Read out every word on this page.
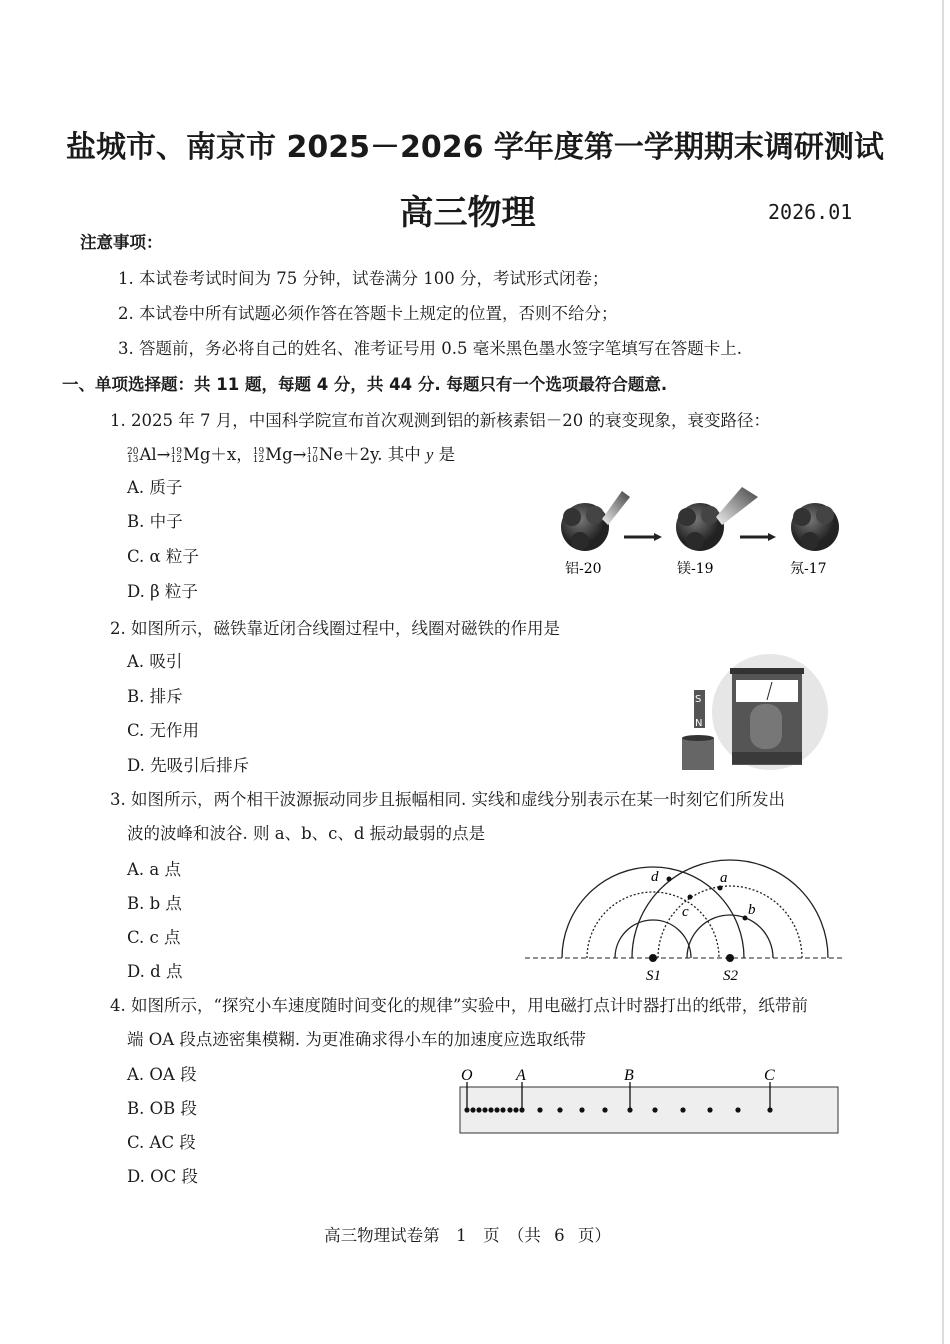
盐城市、南京市 2025－2026 学年度第一学期期末调研测试
高三物理	2026.01
注意事项：
1. 本试卷考试时间为 75 分钟，试卷满分 100 分，考试形式闭卷；
2. 本试卷中所有试题必须作答在答题卡上规定的位置，否则不给分；
3. 答题前，务必将自己的姓名、准考证号用 0.5 毫米黑色墨水签字笔填写在答题卡上.
一、单项选择题：共 11 题，每题 4 分，共 44 分. 每题只有一个选项最符合题意.
1. 2025 年 7 月，中国科学院宣布首次观测到铝的新核素铝－20 的衰变现象，衰变路径：
20
13Al→19
12Mg＋x，19
12Mg→17
10Ne＋2y. 其中 y 是
A. 质子
B. 中子
C. α 粒子
D. β 粒子
铝-20	镁-19	氖-17
2. 如图所示，磁铁靠近闭合线圈过程中，线圈对磁铁的作用是
A. 吸引
B. 排斥
C. 无作用
D. 先吸引后排斥
S
N
3. 如图所示，两个相干波源振动同步且振幅相同. 实线和虚线分别表示在某一时刻它们所发出
波的波峰和波谷. 则 a、b、c、d 振动最弱的点是
A. a 点
B. b 点
C. c 点
D. d 点
d	a
c	b
S1	S2
4. 如图所示，“探究小车速度随时间变化的规律”实验中，用电磁打点计时器打出的纸带，纸带前
端 OA 段点迹密集模糊. 为更准确求得小车的加速度应选取纸带
A. OA 段
B. OB 段
C. AC 段
D. OC 段
O	A	B	C
高三物理试卷第　1　页　（共 6 页）
